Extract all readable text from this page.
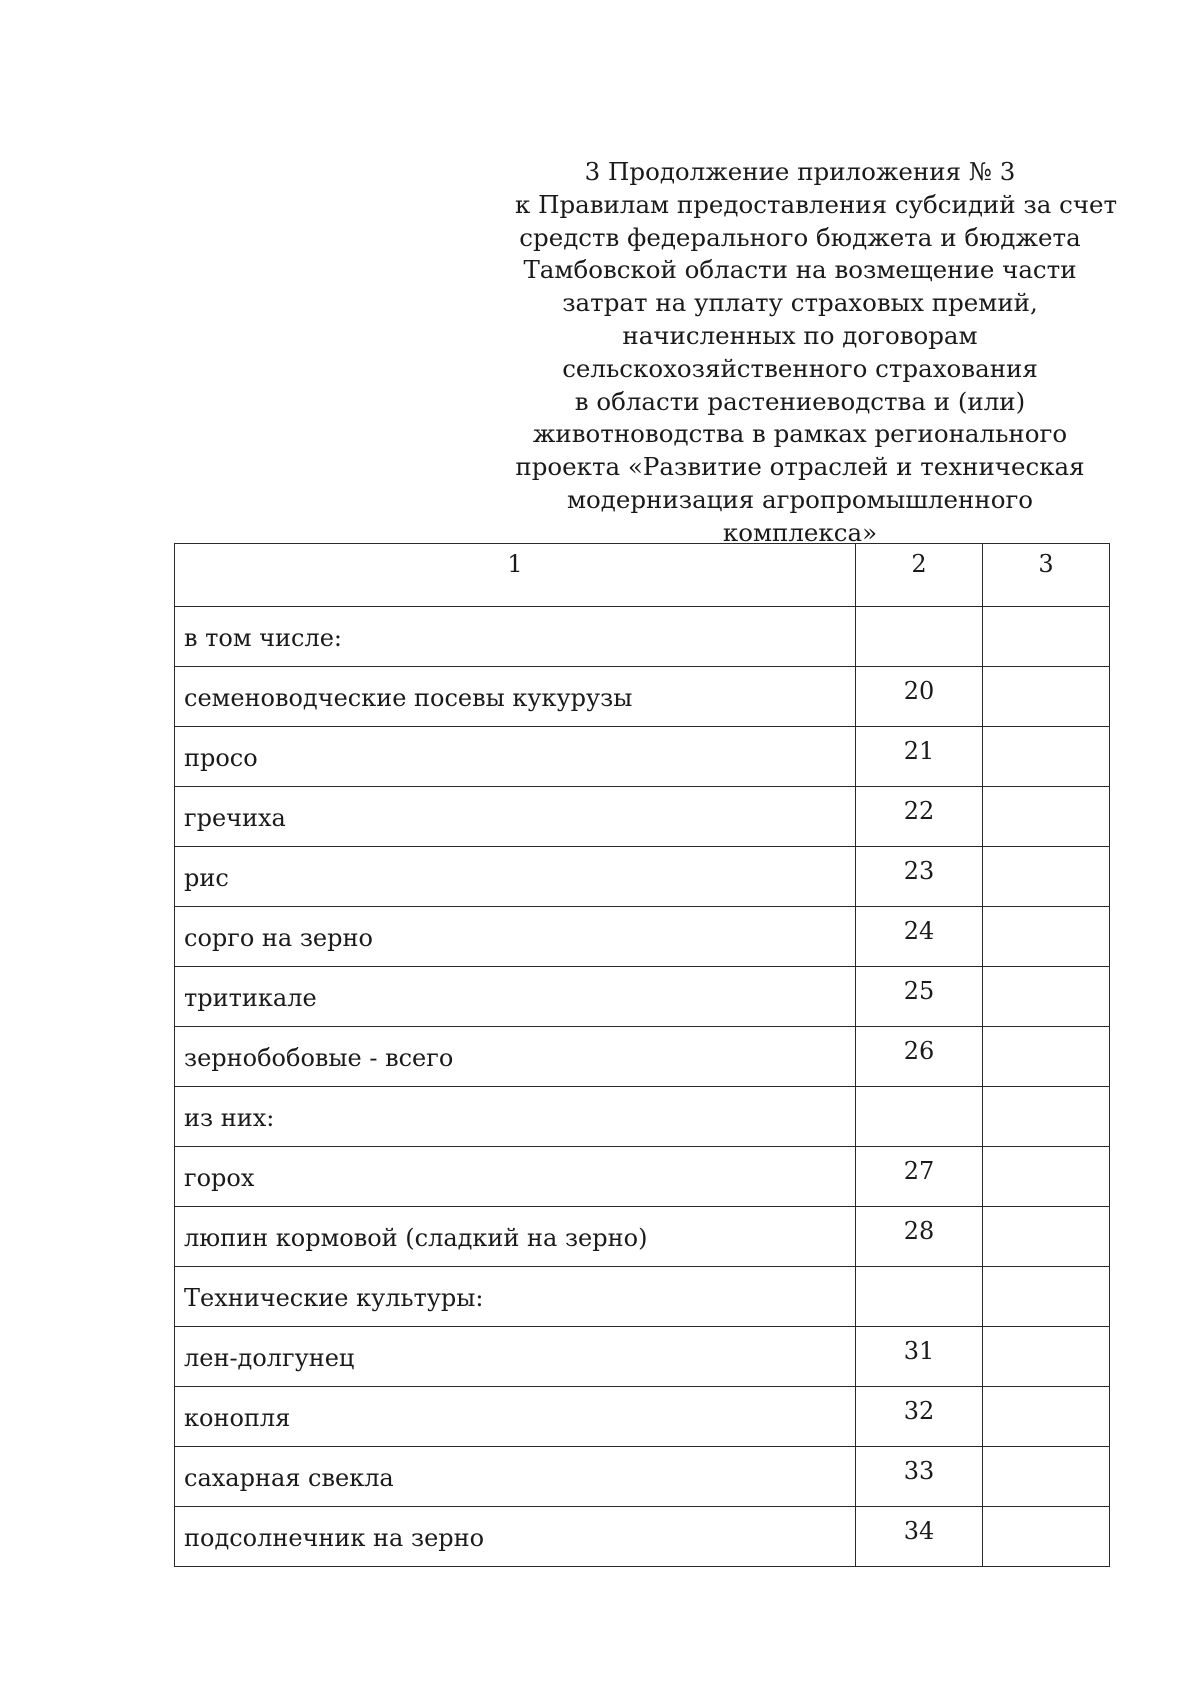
3 Продолжение приложения № 3
к Правилам предоставления субсидий за счет
средств федерального бюджета и бюджета
Тамбовской области на возмещение части
затрат на уплату страховых премий,
начисленных по договорам
сельскохозяйственного страхования
в области растениеводства и (или)
животноводства в рамках регионального
проекта «Развитие отраслей и техническая
модернизация агропромышленного
комплекса»
1	2	3
в том числе:		
семеноводческие посевы кукурузы	20	
просо	21	
гречиха	22	
рис	23	
сорго на зерно	24	
тритикале	25	
зернобобовые - всего	26	
из них:		
горох	27	
люпин кормовой (сладкий на зерно)	28	
Технические культуры:		
лен-долгунец	31	
конопля	32	
сахарная свекла	33	
подсолнечник на зерно	34	
